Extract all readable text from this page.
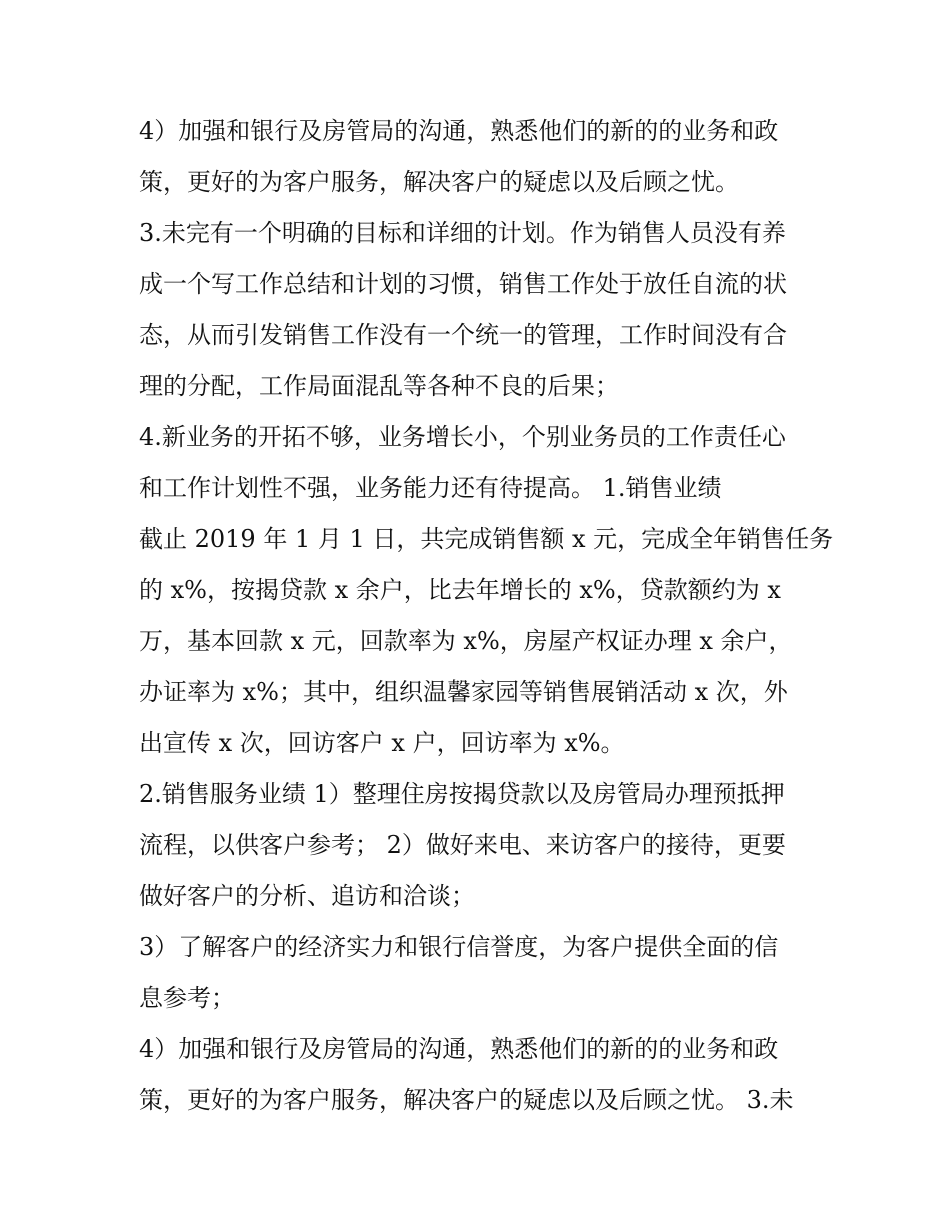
4）加强和银行及房管局的沟通，熟悉他们的新的的业务和政
策，更好的为客户服务，解决客户的疑虑以及后顾之忧。
3.未完有一个明确的目标和详细的计划。作为销售人员没有养
成一个写工作总结和计划的习惯，销售工作处于放任自流的状
态，从而引发销售工作没有一个统一的管理，工作时间没有合
理的分配，工作局面混乱等各种不良的后果；
4.新业务的开拓不够，业务增长小，个别业务员的工作责任心
和工作计划性不强，业务能力还有待提高。 1.销售业绩
截止 2019 年 1 月 1 日，共完成销售额 x 元，完成全年销售任务
的 x%，按揭贷款 x 余户，比去年增长的 x%，贷款额约为 x
万，基本回款 x 元，回款率为 x%，房屋产权证办理 x 余户，
办证率为 x%；其中，组织温馨家园等销售展销活动 x 次，外
出宣传 x 次，回访客户 x 户，回访率为 x%。
2.销售服务业绩 1）整理住房按揭贷款以及房管局办理预抵押
流程，以供客户参考； 2）做好来电、来访客户的接待，更要
做好客户的分析、追访和洽谈；
3）了解客户的经济实力和银行信誉度，为客户提供全面的信
息参考；
4）加强和银行及房管局的沟通，熟悉他们的新的的业务和政
策，更好的为客户服务，解决客户的疑虑以及后顾之忧。 3.未
